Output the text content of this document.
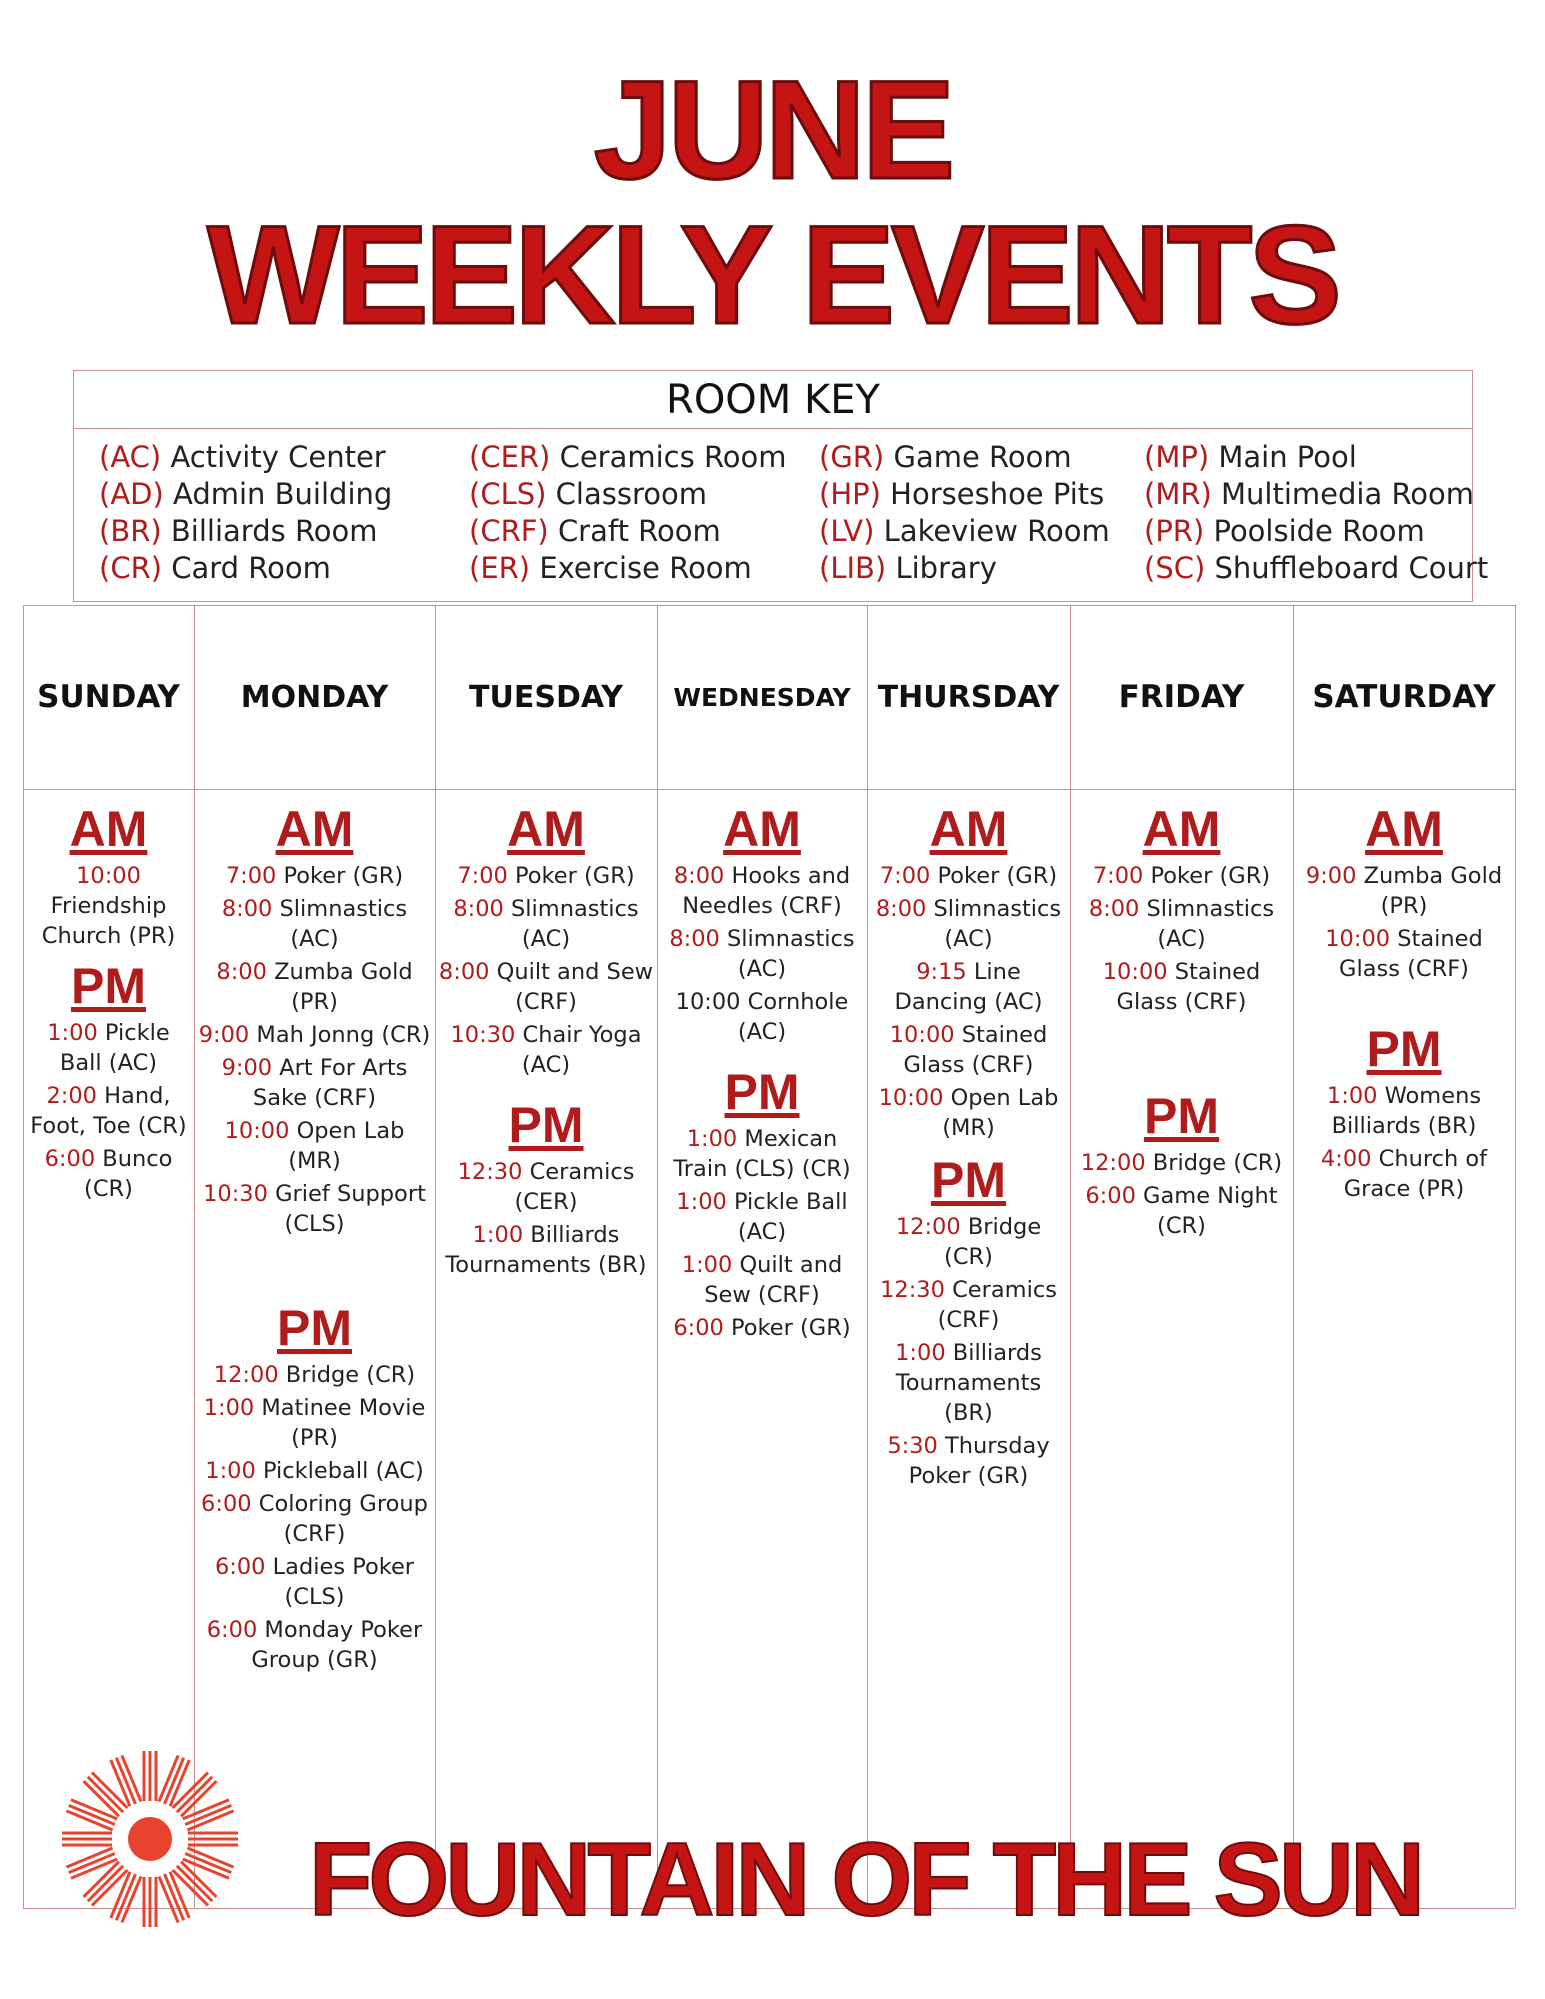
JUNE
WEEKLY EVENTS
ROOM KEY
(AC) Activity Center
(AD) Admin Building
(BR) Billiards Room
(CR) Card Room
(CER) Ceramics Room
(CLS) Classroom
(CRF) Craft Room
(ER) Exercise Room
(GR) Game Room
(HP) Horseshoe Pits
(LV) Lakeview Room
(LIB) Library
(MP) Main Pool
(MR) Multimedia Room
(PR) Poolside Room
(SC) Shuffleboard Court
SUNDAY
AM
10:00 Friendship Church (PR)
PM
1:00 Pickle Ball (AC)
2:00 Hand, Foot, Toe (CR)
6:00 Bunco (CR)
MONDAY
AM
7:00 Poker (GR)
8:00 Slimnastics (AC)
8:00 Zumba Gold (PR)
9:00 Mah Jonng (CR)
9:00 Art For Arts Sake (CRF)
10:00 Open Lab (MR)
10:30 Grief Support (CLS)
PM
12:00 Bridge (CR)
1:00 Matinee Movie (PR)
1:00 Pickleball (AC)
6:00 Coloring Group (CRF)
6:00 Ladies Poker (CLS)
6:00 Monday Poker Group (GR)
TUESDAY
AM
7:00 Poker (GR)
8:00 Slimnastics (AC)
8:00 Quilt and Sew (CRF)
10:30 Chair Yoga (AC)
PM
12:30 Ceramics (CER)
1:00 Billiards Tournaments (BR)
WEDNESDAY
AM
8:00 Hooks and Needles (CRF)
8:00 Slimnastics (AC)
10:00 Cornhole (AC)
PM
1:00 Mexican Train (CLS) (CR)
1:00 Pickle Ball (AC)
1:00 Quilt and Sew (CRF)
6:00 Poker (GR)
THURSDAY
AM
7:00 Poker (GR)
8:00 Slimnastics (AC)
9:15 Line Dancing (AC)
10:00 Stained Glass (CRF)
10:00 Open Lab (MR)
PM
12:00 Bridge (CR)
12:30 Ceramics (CRF)
1:00 Billiards Tournaments (BR)
5:30 Thursday Poker (GR)
FRIDAY
AM
7:00 Poker (GR)
8:00 Slimnastics (AC)
10:00 Stained Glass (CRF)
PM
12:00 Bridge (CR)
6:00 Game Night (CR)
SATURDAY
AM
9:00 Zumba Gold (PR)
10:00 Stained Glass (CRF)
PM
1:00 Womens Billiards (BR)
4:00 Church of Grace (PR)
FOUNTAIN OF THE SUN
